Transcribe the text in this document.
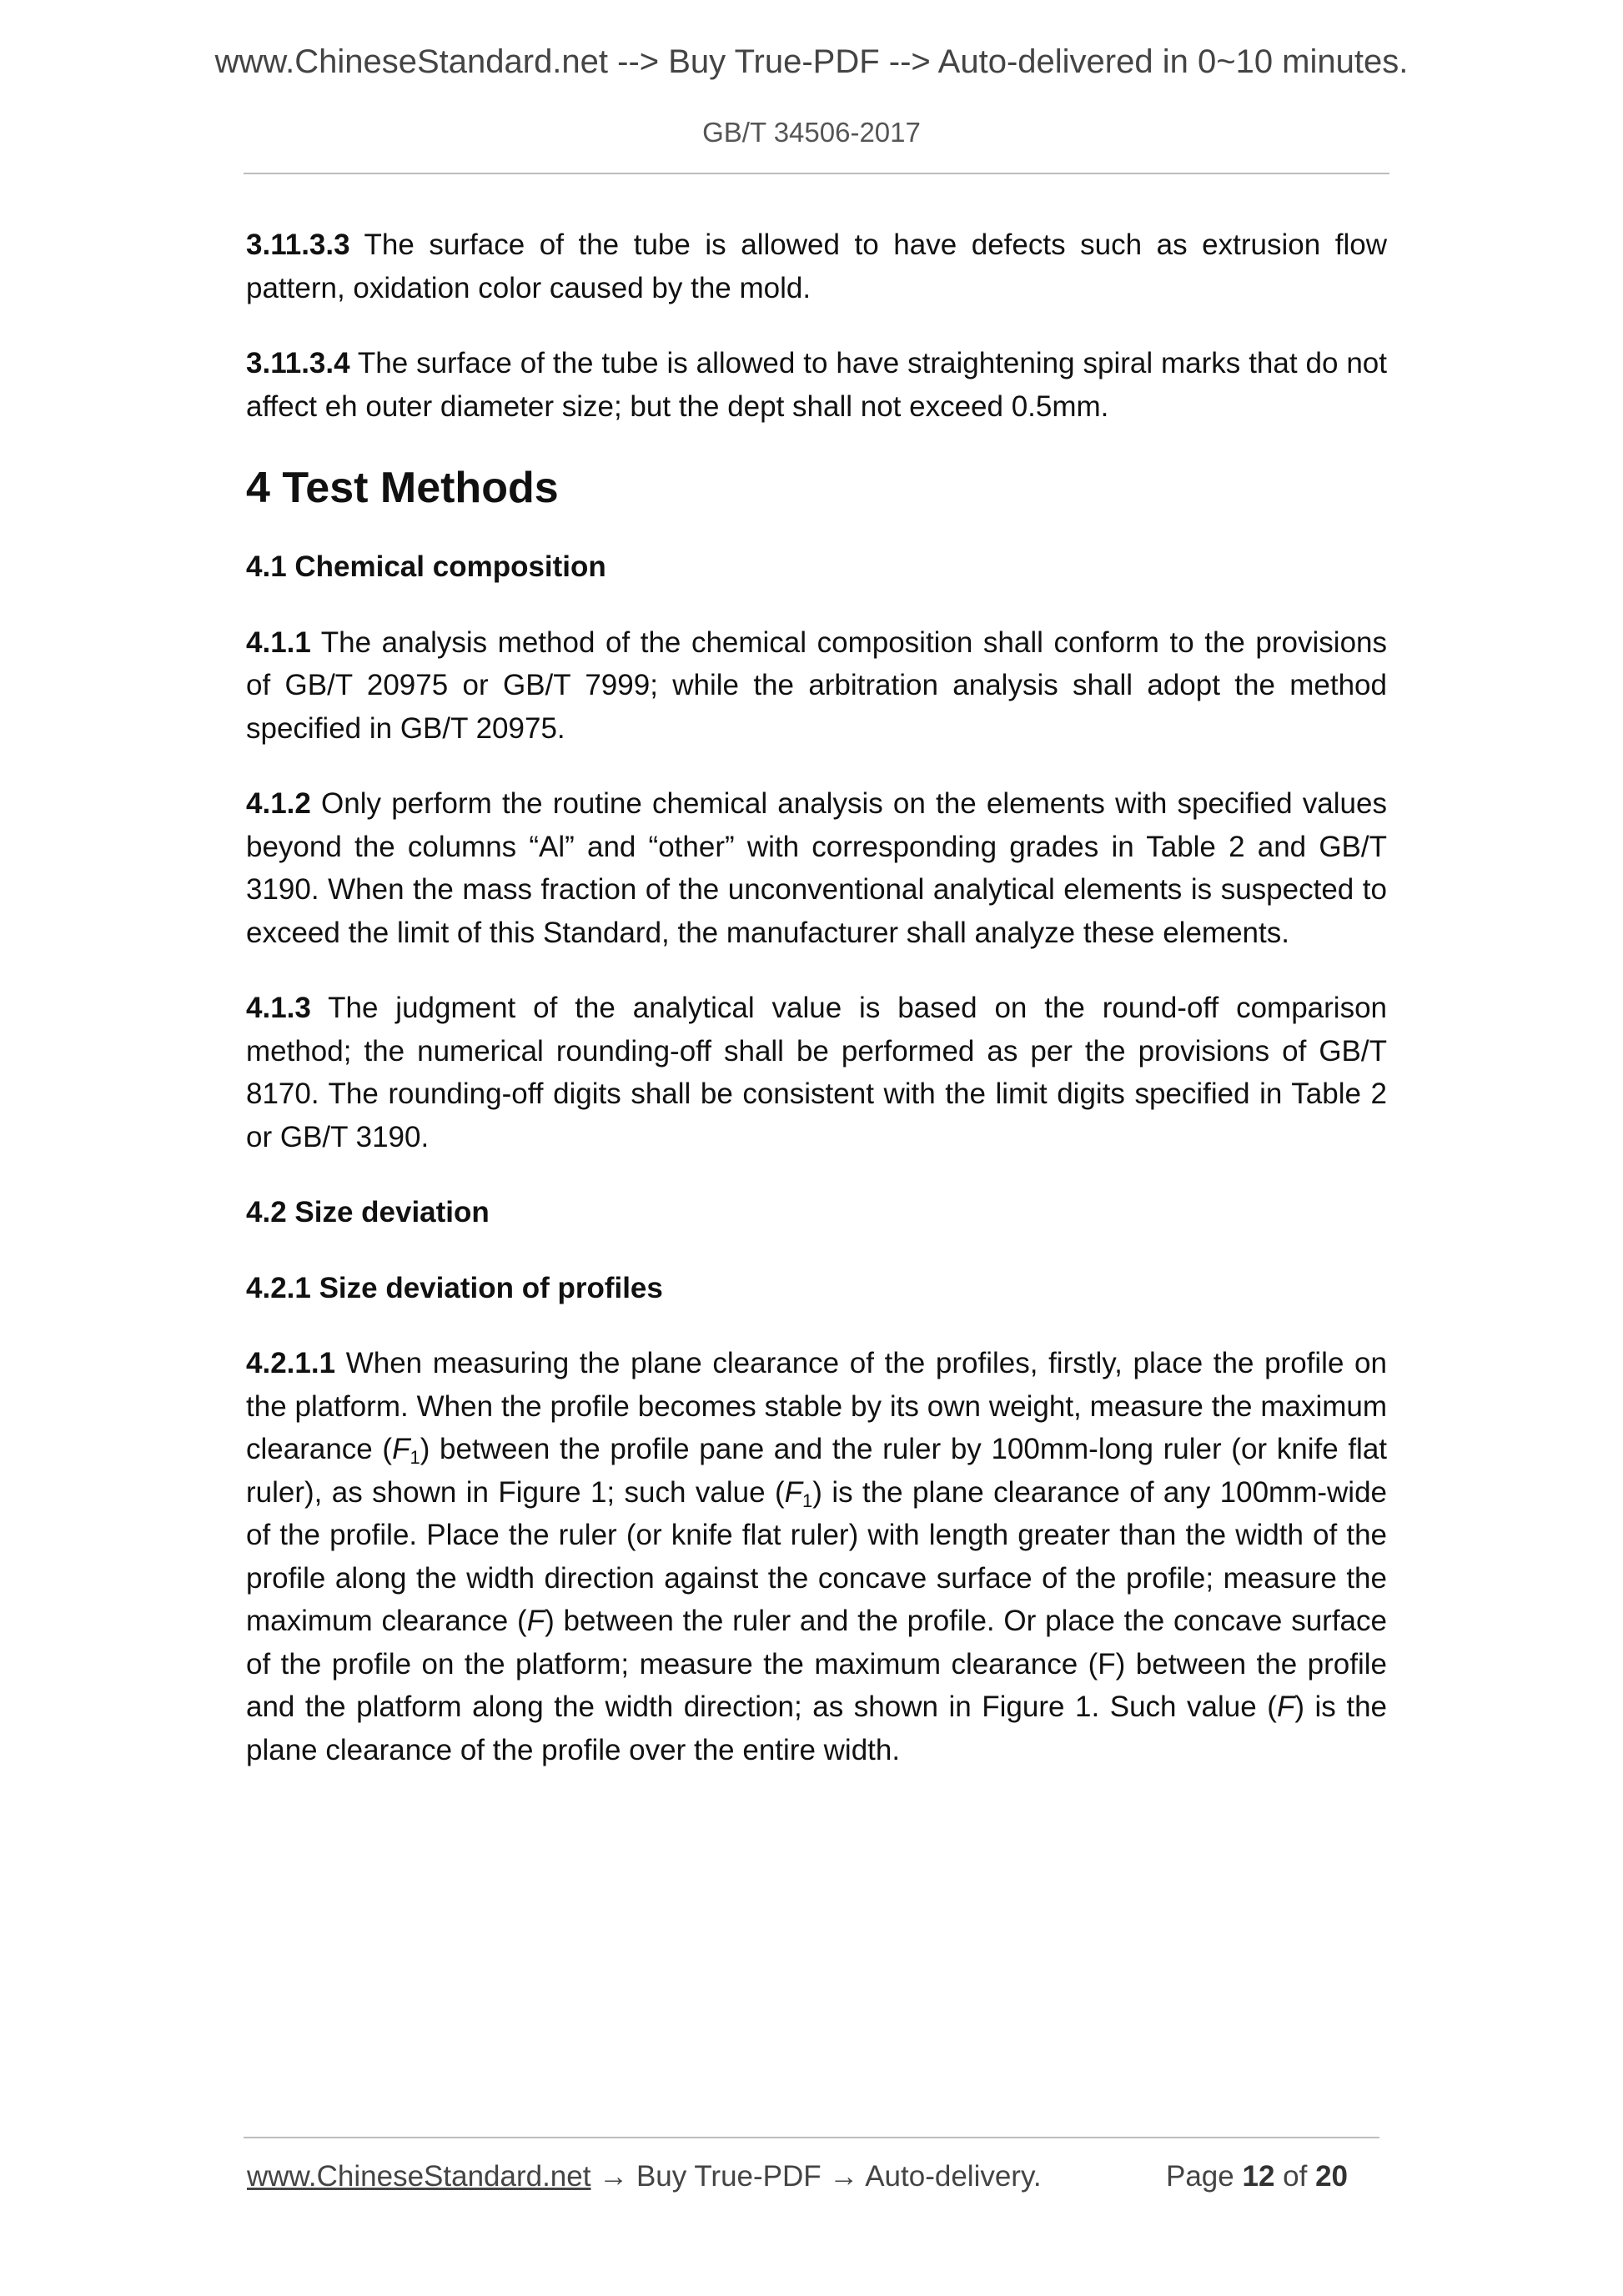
www.ChineseStandard.net --> Buy True-PDF --> Auto-delivered in 0~10 minutes.
GB/T 34506-2017

3.11.3.3 The surface of the tube is allowed to have defects such as extrusion flow pattern, oxidation color caused by the mold.

3.11.3.4 The surface of the tube is allowed to have straightening spiral marks that do not affect eh outer diameter size; but the dept shall not exceed 0.5mm.

4 Test Methods
4.1 Chemical composition

4.1.1 The analysis method of the chemical composition shall conform to the provisions of GB/T 20975 or GB/T 7999; while the arbitration analysis shall adopt the method specified in GB/T 20975.

4.1.2 Only perform the routine chemical analysis on the elements with specified values beyond the columns “Al” and “other” with corresponding grades in Table 2 and GB/T 3190. When the mass fraction of the unconventional analytical elements is suspected to exceed the limit of this Standard, the manufacturer shall analyze these elements.

4.1.3 The judgment of the analytical value is based on the round-off comparison method; the numerical rounding-off shall be performed as per the provisions of GB/T 8170. The rounding-off digits shall be consistent with the limit digits specified in Table 2 or GB/T 3190.

4.2 Size deviation
4.2.1 Size deviation of profiles

4.2.1.1 When measuring the plane clearance of the profiles, firstly, place the profile on the platform. When the profile becomes stable by its own weight, measure the maximum clearance $(F_1)$ between the profile pane and the ruler by 100mm-long ruler (or knife flat ruler), as shown in Figure 1; such value $(F_1)$ is the plane clearance of any 100mm-wide of the profile. Place the ruler (or knife flat ruler) with length greater than the width of the profile along the width direction against the concave surface of the profile; measure the maximum clearance (F) between the ruler and the profile. Or place the concave surface of the profile on the platform; measure the maximum clearance (F) between the profile and the platform along the width direction; as shown in Figure 1. Such value (F) is the plane clearance of the profile over the entire width.

www.ChineseStandard.net → Buy True-PDF → Auto-delivery.	Page 12 of 20
